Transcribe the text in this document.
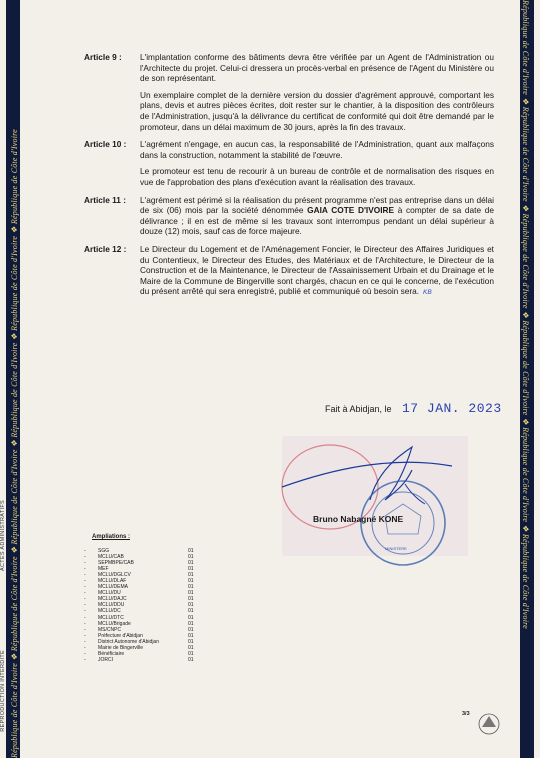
République de Côte d'Ivoire ❖ République de Côte d'Ivoire ❖ République de Côte d'Ivoire ❖ République de Côte d'Ivoire ❖ République de Côte d'Ivoire ❖ République de Côte d'Ivoire	République de Côte d'Ivoire ❖ République de Côte d'Ivoire ❖ République de Côte d'Ivoire ❖ République de Côte d'Ivoire ❖ République de Côte d'Ivoire ❖ République de Côte d'Ivoire
ACTES ADMINISTRATIFS
REPRODUCTION INTERDITE
Article 9 :	L'implantation conforme des bâtiments devra être vérifiée par un Agent de l'Administration ou l'Architecte du projet. Celui-ci dressera un procès-verbal en présence de l'Agent du Ministère ou de son représentant.

Un exemplaire complet de la dernière version du dossier d'agrément approuvé, comportant les plans, devis et autres pièces écrites, doit rester sur le chantier, à la disposition des contrôleurs de l'Administration, jusqu'à la délivrance du certificat de conformité qui doit être demandé par le promoteur, dans un délai maximum de 30 jours, après la fin des travaux.

Article 10 :	L'agrément n'engage, en aucun cas, la responsabilité de l'Administration, quant aux malfaçons dans la construction, notamment la stabilité de l'œuvre.

Le promoteur est tenu de recourir à un bureau de contrôle et de normalisation des risques en vue de l'approbation des plans d'exécution avant la réalisation des travaux.

Article 11 :	L'agrément est périmé si la réalisation du présent programme n'est pas entreprise dans un délai de six (06) mois par la société dénommée GAIA COTE D'IVOIRE à compter de sa date de délivrance ; il en est de même si les travaux sont interrompus pendant un délai supérieur à douze (12) mois, sauf cas de force majeure.

Article 12 :	Le Directeur du Logement et de l'Aménagement Foncier, le Directeur des Affaires Juridiques et du Contentieux, le Directeur des Etudes, des Matériaux et de l'Architecture, le Directeur de la Construction et de la Maintenance, le Directeur de l'Assainissement Urbain et du Drainage et le Maire de la Commune de Bingerville sont chargés, chacun en ce qui le concerne, de l'exécution du présent arrêté qui sera enregistré, publié et communiqué où besoin sera. KB

Fait à Abidjan, le 17 JAN. 2023
MINISTERE
Bruno Nabagné KONE
Ampliations :
-	SGG	01
-	MCLU/CAB	01
-	SEPMBPE/CAB	01
-	MEF	01
-	MCLU/DGLCV	01
-	MCLU/DLAF	01
-	MCLU/DEMA	01
-	MCLU/DU	01
-	MCLU/DAJC	01
-	MCLU/DDU	01
-	MCLU/DC	01
-	MCLU/DTC	01
-	MCLU/Brigade	01
-	MS/CNPC	01
-	Préfecture d'Abidjan	01
-	District Autonome d'Abidjan	01
-	Mairie de Bingerville	01
-	Bénéficiaire	01
-	JORCI	01
3/3
